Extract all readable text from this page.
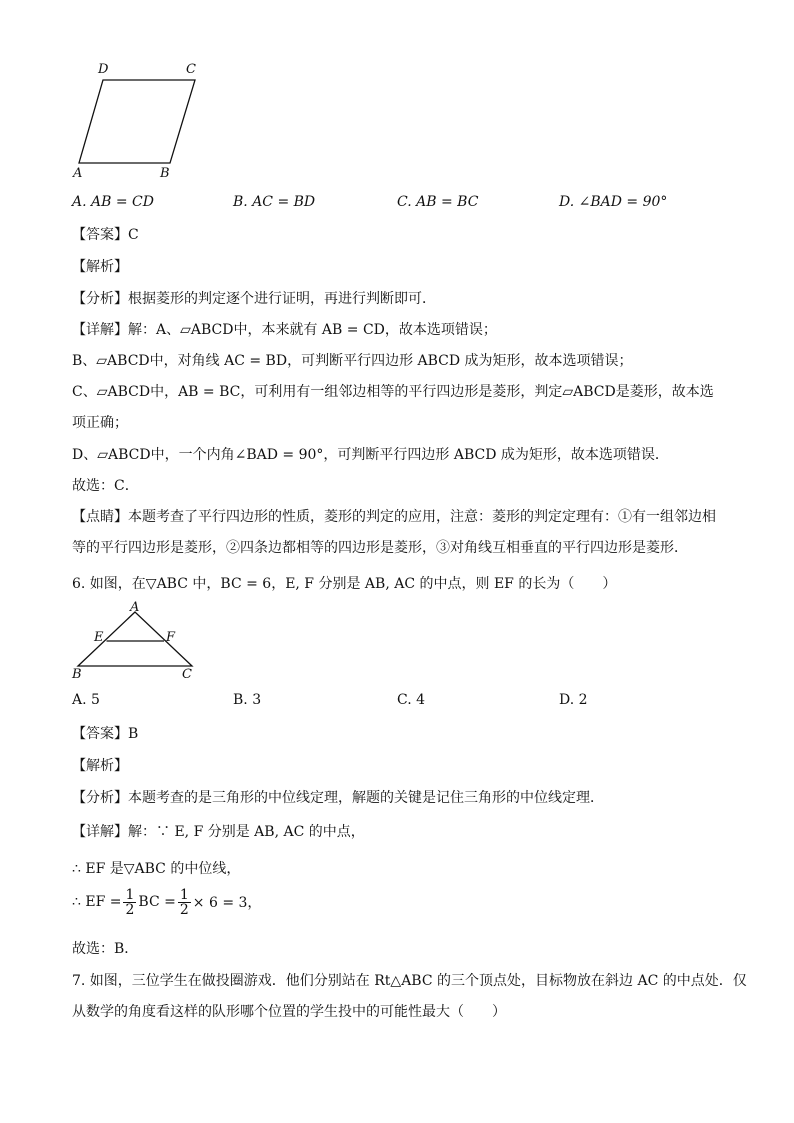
D	C
A	B
A. AB = CD	B. AC = BD	C. AB = BC	D. ∠BAD = 90°
【答案】C
【解析】
【分析】根据菱形的判定逐个进行证明，再进行判断即可．
【详解】解：A、▱ABCD中，本来就有 AB = CD，故本选项错误；
B、▱ABCD中，对角线 AC = BD，可判断平行四边形 ABCD 成为矩形，故本选项错误；
C、▱ABCD中，AB = BC，可利用有一组邻边相等的平行四边形是菱形，判定▱ABCD是菱形，故本选
项正确；
D、▱ABCD中，一个内角∠BAD = 90°，可判断平行四边形 ABCD 成为矩形，故本选项错误．
故选：C．
【点睛】本题考查了平行四边形的性质，菱形的判定的应用，注意：菱形的判定定理有：①有一组邻边相
等的平行四边形是菱形，②四条边都相等的四边形是菱形，③对角线互相垂直的平行四边形是菱形．
6. 如图，在▽ABC 中，BC = 6，E, F 分别是 AB, AC 的中点，则 EF 的长为（　　）
A
E	F
B	C
A. 5	B. 3	C. 4	D. 2
【答案】B
【解析】
【分析】本题考查的是三角形的中位线定理，解题的关键是记住三角形的中位线定理．
【详解】解：∵ E, F 分别是 AB, AC 的中点，
∴ EF 是▽ABC 的中位线，
∴ EF = $\frac{1}{2}$ BC = $\frac{1}{2} \times 6 = 3$，
故选：B．
7. 如图，三位学生在做投圈游戏．他们分别站在 Rt△ABC 的三个顶点处，目标物放在斜边 AC 的中点处．仅
从数学的角度看这样的队形哪个位置的学生投中的可能性最大（　　）
